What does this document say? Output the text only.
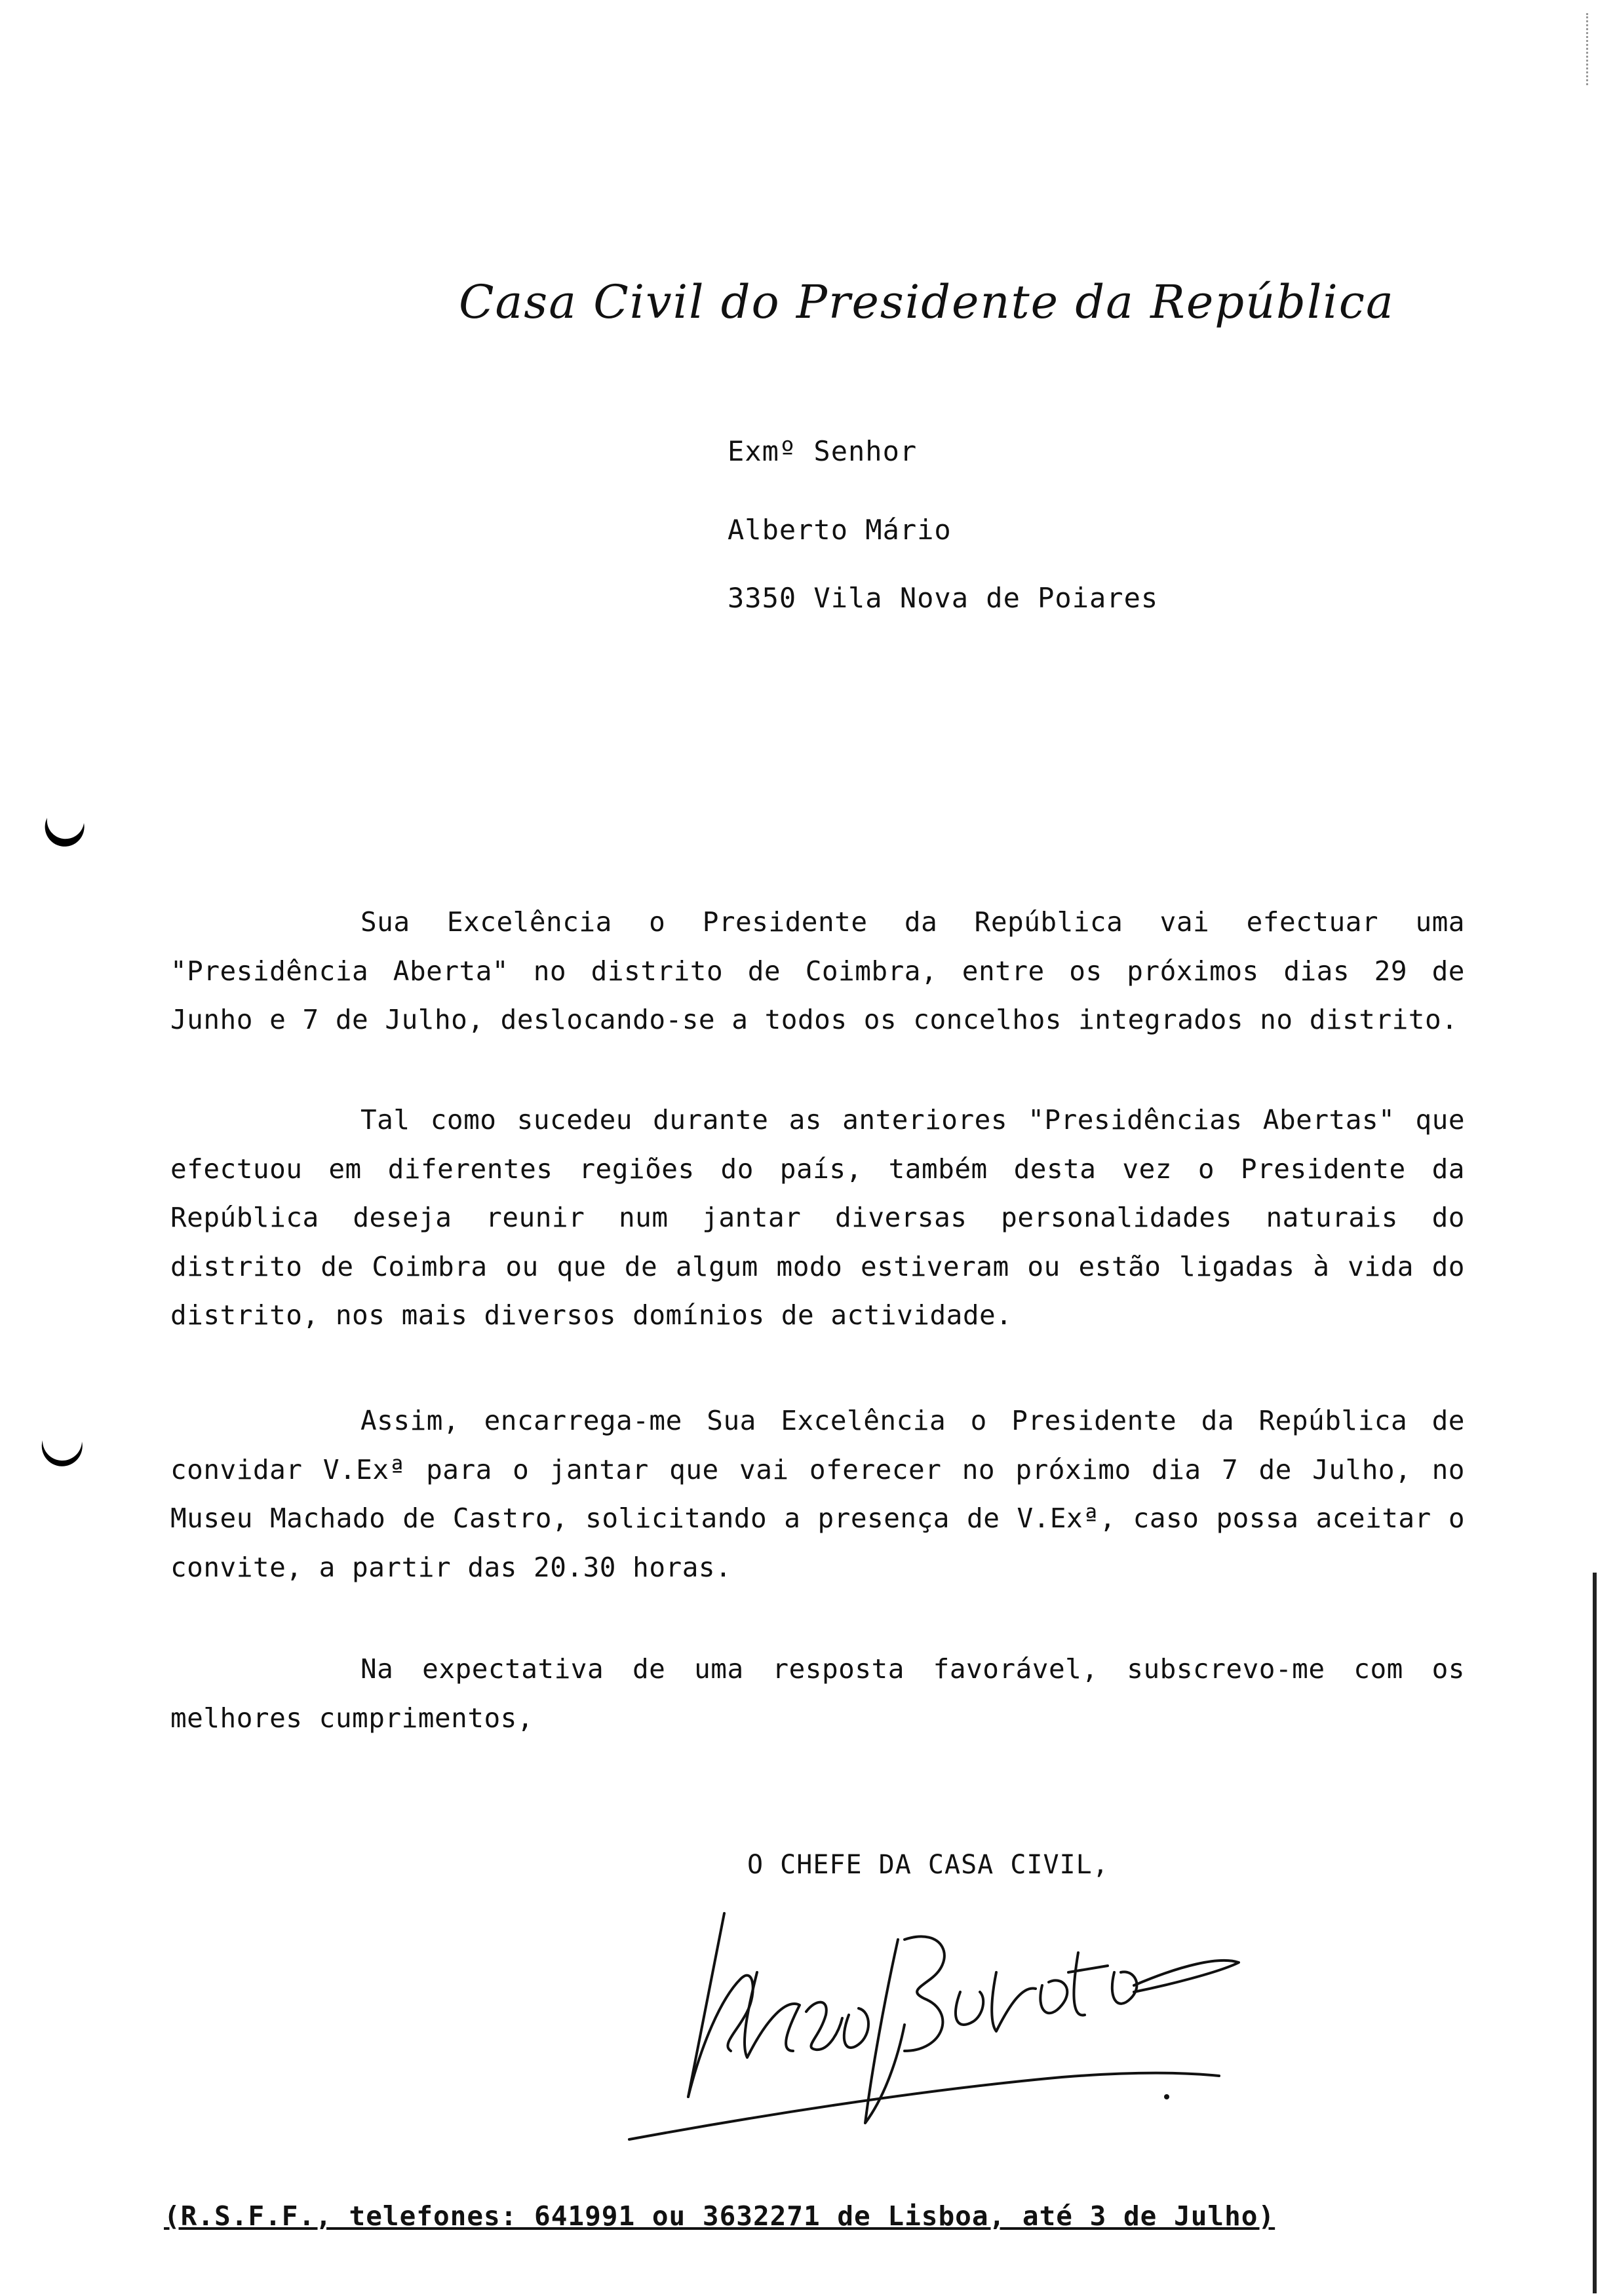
Casa Civil do Presidente da República
Exmº Senhor
Alberto Mário
3350 Vila Nova de Poiares

Sua Excelência o Presidente da República vai efectuar uma "Presidência Aberta" no distrito de Coimbra, entre os próximos dias 29 de Junho e 7 de Julho, deslocando-se a todos os concelhos integrados no distrito.

Tal como sucedeu durante as anteriores "Presidências Abertas" que efectuou em diferentes regiões do país, também desta vez o Presidente da República deseja reunir num jantar diversas personalidades naturais do distrito de Coimbra ou que de algum modo estiveram ou estão ligadas à vida do distrito, nos mais diversos domínios de actividade.

Assim, encarrega-me Sua Excelência o Presidente da República de convidar V.Exª para o jantar que vai oferecer no próximo dia 7 de Julho, no Museu Machado de Castro, solicitando a presença de V.Exª, caso possa aceitar o convite, a partir das 20.30 horas.

Na expectativa de uma resposta favorável, subscrevo-me com os melhores cumprimentos,

O CHEFE DA CASA CIVIL,
(R.S.F.F., telefones: 641991 ou 3632271 de Lisboa, até 3 de Julho)
